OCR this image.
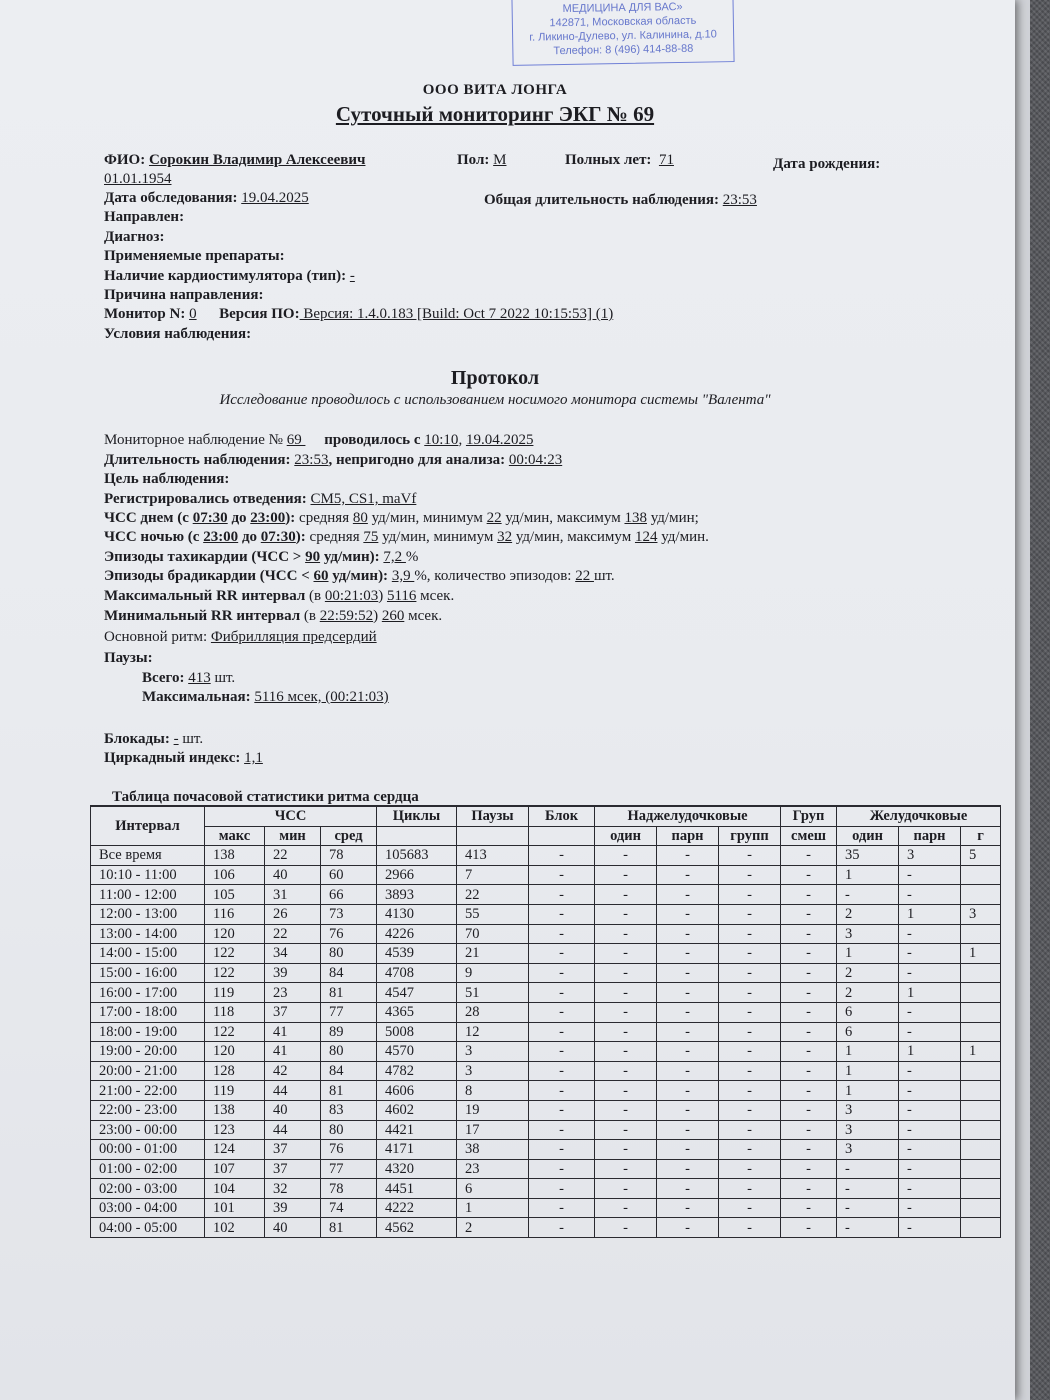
МЕДИЦИНА ДЛЯ ВАС»
142871, Московская область
г. Ликино-Дулево, ул. Калинина, д.10
Телефон: 8 (496) 414-88-88
ООО ВИТА ЛОНГА
Суточный мониторинг ЭКГ № 69
ФИО: Сорокин Владимир Алексеевич	Пол: М	Полных лет: 71	Дата рождения:
01.01.1954
Дата обследования: 19.04.2025	Общая длительность наблюдения: 23:53
Направлен:
Диагноз:
Применяемые препараты:
Наличие кардиостимулятора (тип): -
Причина направления:
Монитор N: 0 Версия ПО: Версия: 1.4.0.183 [Build: Oct 7 2022 10:15:53] (1)
Условия наблюдения:
Протокол
Исследование проводилось с использованием носимого монитора системы "Валента"
Мониторное наблюдение № 69      проводилось с 10:10, 19.04.2025
Длительность наблюдения: 23:53, непригодно для анализа: 00:04:23
Цель наблюдения:
Регистрировались отведения: CM5, CS1, maVf
ЧСС днем (с 07:30 до 23:00): средняя 80 уд/мин, минимум 22 уд/мин, максимум 138 уд/мин;
ЧСС ночью (с 23:00 до 07:30): средняя 75 уд/мин, минимум 32 уд/мин, максимум 124 уд/мин.
Эпизоды тахикардии (ЧСС > 90 уд/мин): 7,2 %
Эпизоды брадикардии (ЧСС < 60 уд/мин): 3,9 %, количество эпизодов: 22 шт.
Максимальный RR интервал (в 00:21:03) 5116 мсек.
Минимальный RR интервал (в 22:59:52) 260 мсек.
Основной ритм: Фибрилляция предсердий
Паузы:
Всего: 413 шт.
Максимальная: 5116 мсек, (00:21:03)
Блокады: - шт.
Циркадный индекс: 1,1
Таблица почасовой статистики ритма сердца
Интервал	ЧСС			Циклы	Паузы	Блок	Наджелудочковые			Груп	Желудочковые		
	макс	мин	сред				один	парн	групп	смеш	один	парн	г
Все время	138	22	78	105683	413	-	-	-	-	-	35	3	5
10:10 - 11:00	106	40	60	2966	7	-	-	-	-	-	1	-	
11:00 - 12:00	105	31	66	3893	22	-	-	-	-	-	-	-	
12:00 - 13:00	116	26	73	4130	55	-	-	-	-	-	2	1	3
13:00 - 14:00	120	22	76	4226	70	-	-	-	-	-	3	-	
14:00 - 15:00	122	34	80	4539	21	-	-	-	-	-	1	-	1
15:00 - 16:00	122	39	84	4708	9	-	-	-	-	-	2	-	
16:00 - 17:00	119	23	81	4547	51	-	-	-	-	-	2	1	
17:00 - 18:00	118	37	77	4365	28	-	-	-	-	-	6	-	
18:00 - 19:00	122	41	89	5008	12	-	-	-	-	-	6	-	
19:00 - 20:00	120	41	80	4570	3	-	-	-	-	-	1	1	1
20:00 - 21:00	128	42	84	4782	3	-	-	-	-	-	1	-	
21:00 - 22:00	119	44	81	4606	8	-	-	-	-	-	1	-	
22:00 - 23:00	138	40	83	4602	19	-	-	-	-	-	3	-	
23:00 - 00:00	123	44	80	4421	17	-	-	-	-	-	3	-	
00:00 - 01:00	124	37	76	4171	38	-	-	-	-	-	3	-	
01:00 - 02:00	107	37	77	4320	23	-	-	-	-	-	-	-	
02:00 - 03:00	104	32	78	4451	6	-	-	-	-	-	-	-	
03:00 - 04:00	101	39	74	4222	1	-	-	-	-	-	-	-	
04:00 - 05:00	102	40	81	4562	2	-	-	-	-	-	-	-	
